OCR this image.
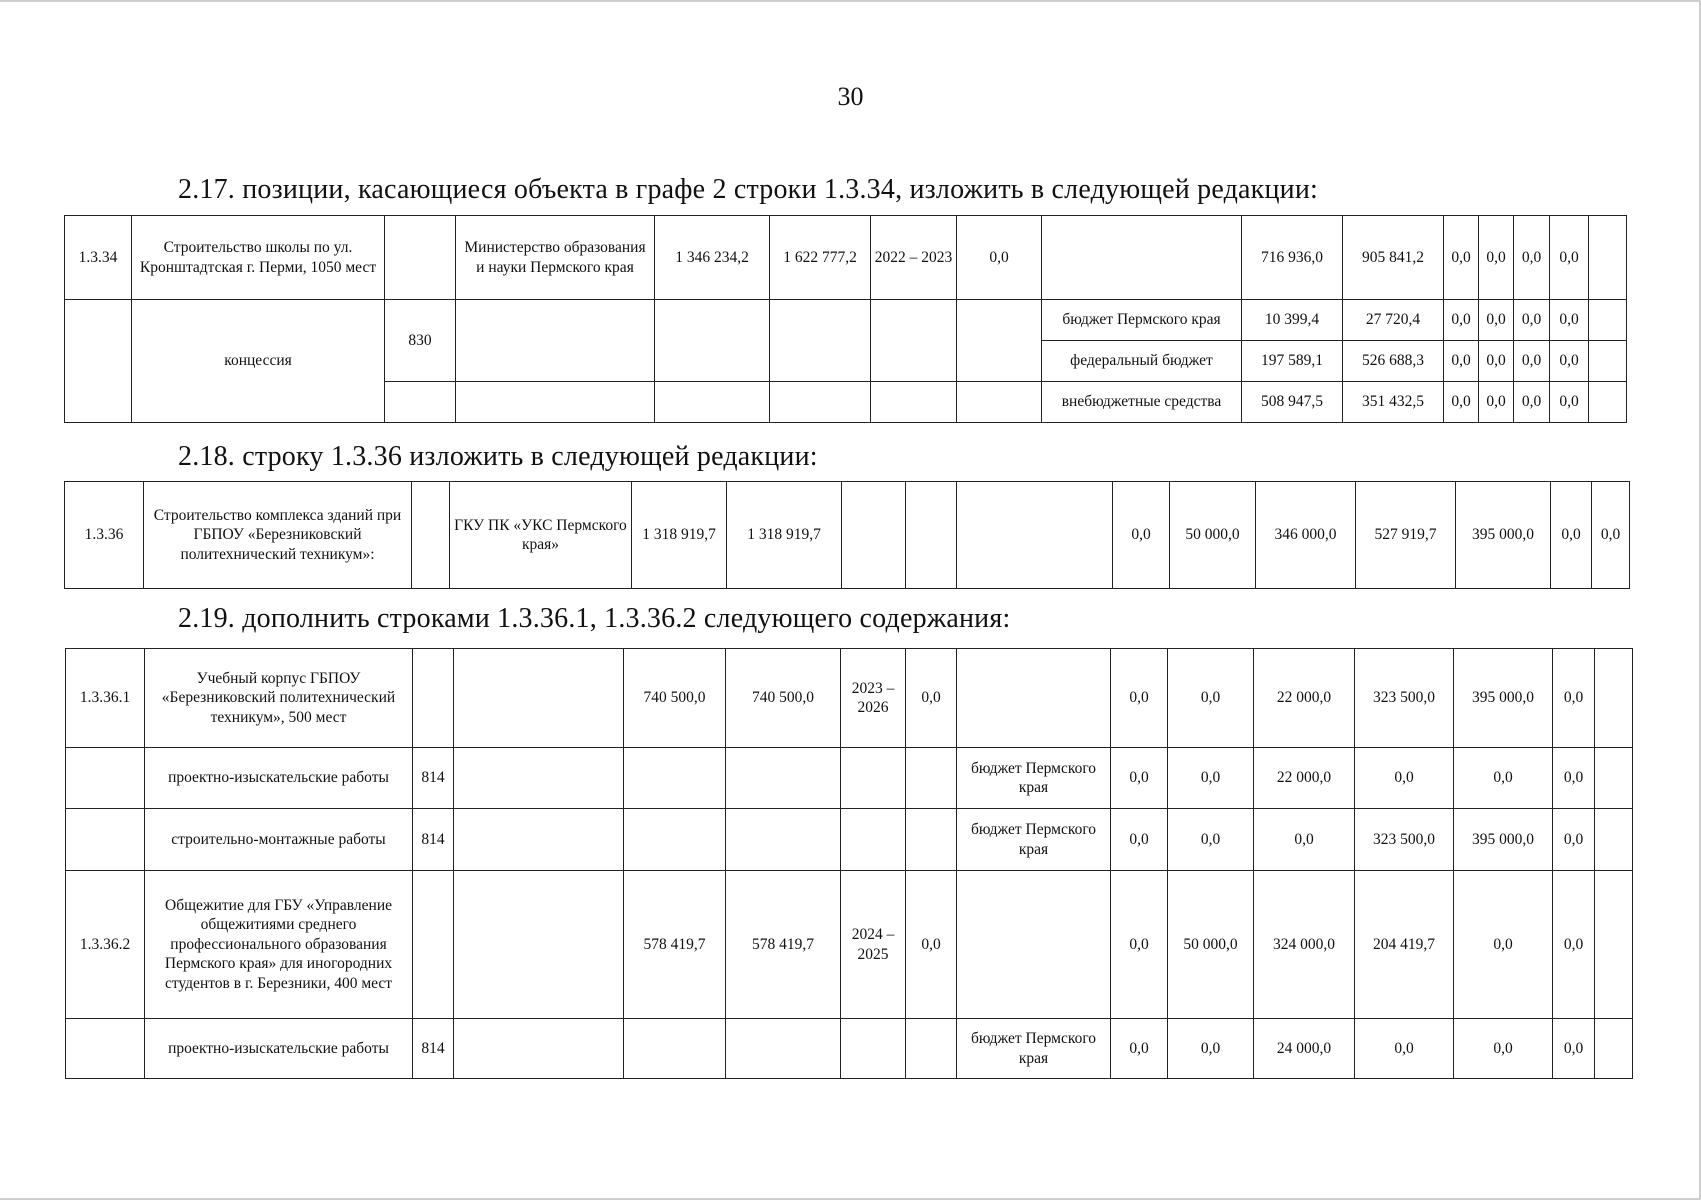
30
2.17. позиции, касающиеся объекта в графе 2 строки 1.3.34, изложить в следующей редакции:
1.3.34	Строительство школы по ул. Кронштадтская г. Перми, 1050 мест		Министерство образования и науки Пермского края	1 346 234,2	1 622 777,2	2022 – 2023	0,0		716 936,0	905 841,2	0,0	0,0	0,0	0,0	
	концессия	830						бюджет Пермского края	10 399,4	27 720,4	0,0	0,0	0,0	0,0	
								федеральный бюджет	197 589,1	526 688,3	0,0	0,0	0,0	0,0	
								внебюджетные средства	508 947,5	351 432,5	0,0	0,0	0,0	0,0	
2.18. строку 1.3.36 изложить в следующей редакции:
1.3.36	Строительство комплекса зданий при ГБПОУ «Березниковский политехнический техникум»:		ГКУ ПК «УКС Пермского края»	1 318 919,7	1 318 919,7				0,0	50 000,0	346 000,0	527 919,7	395 000,0	0,0	0,0
2.19. дополнить строками 1.3.36.1, 1.3.36.2 следующего содержания:
1.3.36.1	Учебный корпус ГБПОУ «Березниковский политехнический техникум», 500 мест			740 500,0	740 500,0	2023 – 2026	0,0		0,0	0,0	22 000,0	323 500,0	395 000,0	0,0	
	проектно-изыскательские работы	814						бюджет Пермского края	0,0	0,0	22 000,0	0,0	0,0	0,0	
	строительно-монтажные работы	814						бюджет Пермского края	0,0	0,0	0,0	323 500,0	395 000,0	0,0	
1.3.36.2	Общежитие для ГБУ «Управление общежитиями среднего профессионального образования Пермского края» для иногородних студентов в г. Березники, 400 мест			578 419,7	578 419,7	2024 – 2025	0,0		0,0	50 000,0	324 000,0	204 419,7	0,0	0,0	
	проектно-изыскательские работы	814						бюджет Пермского края	0,0	0,0	24 000,0	0,0	0,0	0,0	
